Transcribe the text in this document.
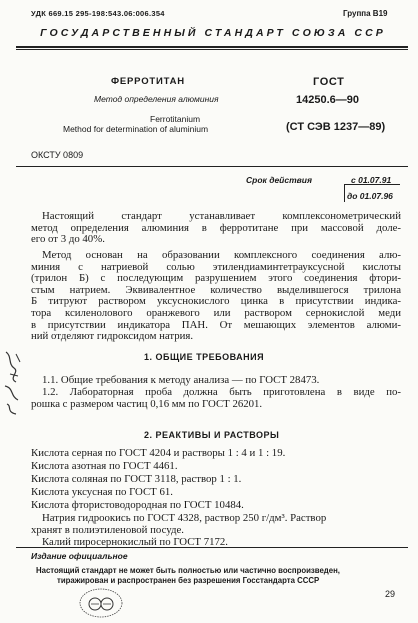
УДК 669.15 295-198:543.06:006.354	Группа В19
ГОСУДАРСТВЕННЫЙ СТАНДАРТ СОЮЗА ССР
ФЕРРОТИТАН
Метод определения алюминия
Ferrotitanium
Method for determination of aluminium
ГОСТ
14250.6—90
(СТ СЭВ 1237—89)
ОКСТУ 0809
Срок действия	с 01.07.91
до 01.07.96
Настоящий стандарт устанавливает комплексонометрический
метод определения алюминия в ферротитане при массовой доле-
его от 3 до 40%.
Метод основан на образовании комплексного соединения алю-
миния с натриевой солью этилендиаминтетрауксусной кислоты
(трилон Б) с последующим разрушением этого соединения фтори-
стым натрием. Эквивалентное количество выделившегося трилона
Б титруют раствором уксуснокислого цинка в присутствии индика-
тора ксиленолового оранжевого или раствором сернокислой меди
в присутствии индикатора ПАН. От мешающих элементов алюми-
ний отделяют гидроксидом натрия.
1. ОБЩИЕ ТРЕБОВАНИЯ
1.1. Общие требования к методу анализа — по ГОСТ 28473.
1.2. Лабораторная проба должна быть приготовлена в виде по-
рошка с размером частиц 0,16 мм по ГОСТ 26201.
2. РЕАКТИВЫ И РАСТВОРЫ
Кислота серная по ГОСТ 4204 и растворы 1 : 4 и 1 : 19.
Кислота азотная по ГОСТ 4461.
Кислота соляная по ГОСТ 3118, раствор 1 : 1.
Кислота уксусная по ГОСТ 61.
Кислота фтористоводородная по ГОСТ 10484.
Натрия гидроокись по ГОСТ 4328, раствор 250 г/дм³. Раствор
хранят в полиэтиленовой посуде.
Калий пиросернокислый по ГОСТ 7172.
Издание официальное
Настоящий стандарт не может быть полностью или частично воспроизведен,
тиражирован и распространен без разрешения Госстандарта СССР
29
